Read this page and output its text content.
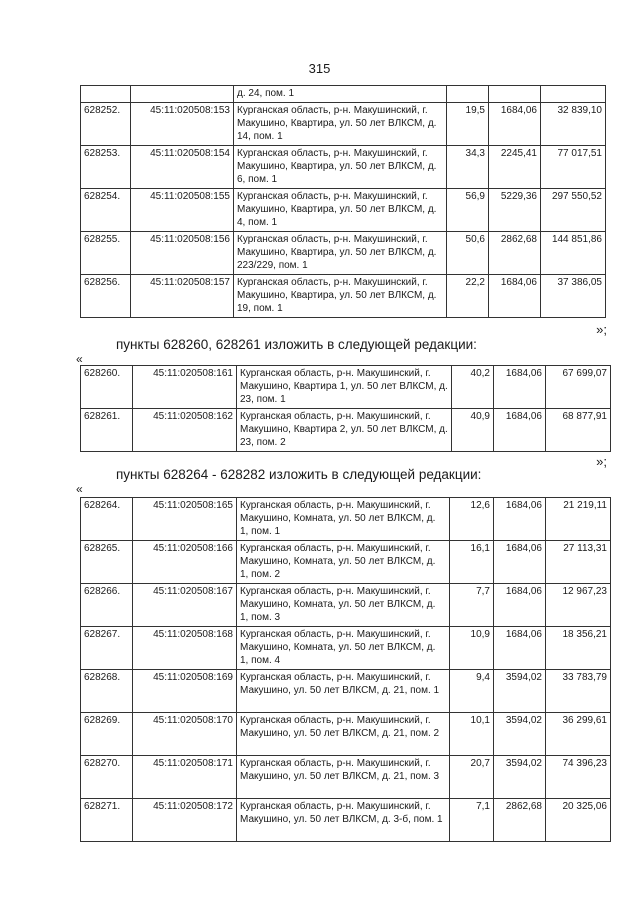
315
		д. 24, пом. 1			
628252.	45:11:020508:153	Курганская область, р-н. Макушинский, г. Макушино, Квартира, ул. 50 лет ВЛКСМ, д. 14, пом. 1	19,5	1684,06	32 839,10
628253.	45:11:020508:154	Курганская область, р-н. Макушинский, г. Макушино, Квартира, ул. 50 лет ВЛКСМ, д. 6, пом. 1	34,3	2245,41	77 017,51
628254.	45:11:020508:155	Курганская область, р-н. Макушинский, г. Макушино, Квартира, ул. 50 лет ВЛКСМ, д. 4, пом. 1	56,9	5229,36	297 550,52
628255.	45:11:020508:156	Курганская область, р-н. Макушинский, г. Макушино, Квартира, ул. 50 лет ВЛКСМ, д. 223/229, пом. 1	50,6	2862,68	144 851,86
628256.	45:11:020508:157	Курганская область, р-н. Макушинский, г. Макушино, Квартира, ул. 50 лет ВЛКСМ, д. 19, пом. 1	22,2	1684,06	37 386,05
»;
пункты 628260, 628261 изложить в следующей редакции:
«
628260.	45:11:020508:161	Курганская область, р-н. Макушинский, г. Макушино, Квартира 1, ул. 50 лет ВЛКСМ, д. 23, пом. 1	40,2	1684,06	67 699,07
628261.	45:11:020508:162	Курганская область, р-н. Макушинский, г. Макушино, Квартира 2, ул. 50 лет ВЛКСМ, д. 23, пом. 2	40,9	1684,06	68 877,91
»;
пункты 628264 - 628282 изложить в следующей редакции:
«
628264.	45:11:020508:165	Курганская область, р-н. Макушинский, г. Макушино, Комната, ул. 50 лет ВЛКСМ, д. 1, пом. 1	12,6	1684,06	21 219,11
628265.	45:11:020508:166	Курганская область, р-н. Макушинский, г. Макушино, Комната, ул. 50 лет ВЛКСМ, д. 1, пом. 2	16,1	1684,06	27 113,31
628266.	45:11:020508:167	Курганская область, р-н. Макушинский, г. Макушино, Комната, ул. 50 лет ВЛКСМ, д. 1, пом. 3	7,7	1684,06	12 967,23
628267.	45:11:020508:168	Курганская область, р-н. Макушинский, г. Макушино, Комната, ул. 50 лет ВЛКСМ, д. 1, пом. 4	10,9	1684,06	18 356,21
628268.	45:11:020508:169	Курганская область, р-н. Макушинский, г. Макушино, ул. 50 лет ВЛКСМ, д. 21, пом. 1	9,4	3594,02	33 783,79
628269.	45:11:020508:170	Курганская область, р-н. Макушинский, г. Макушино, ул. 50 лет ВЛКСМ, д. 21, пом. 2	10,1	3594,02	36 299,61
628270.	45:11:020508:171	Курганская область, р-н. Макушинский, г. Макушино, ул. 50 лет ВЛКСМ, д. 21, пом. 3	20,7	3594,02	74 396,23
628271.	45:11:020508:172	Курганская область, р-н. Макушинский, г. Макушино, ул. 50 лет ВЛКСМ, д. 3-б, пом. 1	7,1	2862,68	20 325,06
